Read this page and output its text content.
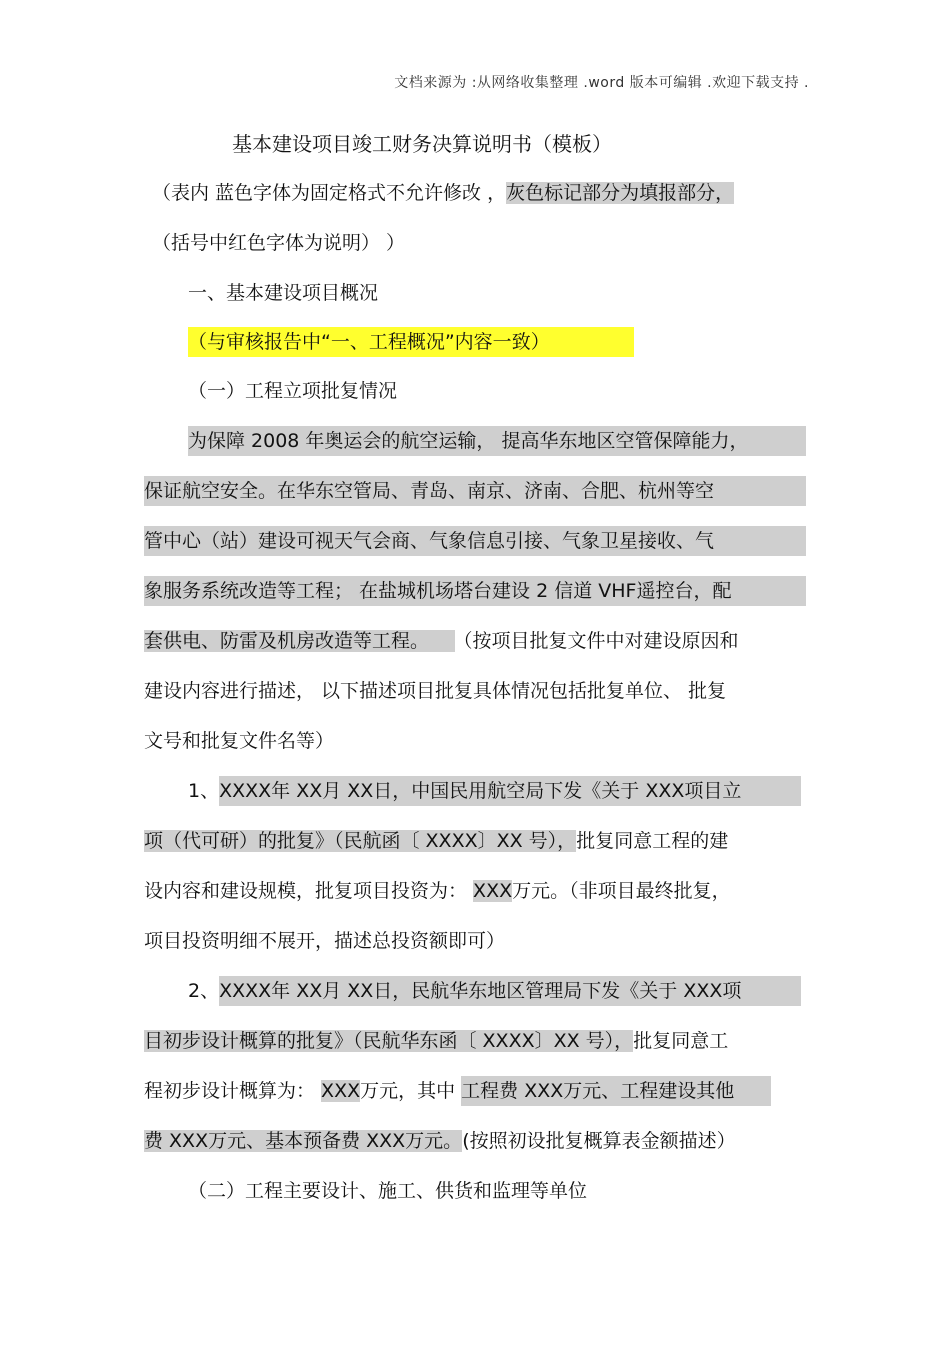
文档来源为 :从网络收集整理 .word 版本可编辑 .欢迎下载支持 .
基本建设项目竣工财务决算说明书（模板）
（表内 蓝色字体为固定格式不允许修改 ，灰色标记部分为填报部分，
（括号中红色字体为说明） ）
一、基本建设项目概况
（与审核报告中“一、工程概况”内容一致）
（一）工程立项批复情况
为保障 2008 年奥运会的航空运输， 提高华东地区空管保障能力，
保证航空安全。在华东空管局、青岛、南京、济南、合肥、杭州等空
管中心（站）建设可视天气会商、气象信息引接、气象卫星接收、气
象服务系统改造等工程； 在盐城机场塔台建设 2 信道 VHF遥控台，配
套供电、防雷及机房改造等工程。 （按项目批复文件中对建设原因和
建设内容进行描述， 以下描述项目批复具体情况包括批复单位、 批复
文号和批复文件名等）
1、XXXX年 XX月 XX日，中国民用航空局下发《关于 XXX项目立
项（代可研）的批复》（民航函〔 XXXX〕XX 号），批复同意工程的建
设内容和建设规模，批复项目投资为： XXX万元。（非项目最终批复，
项目投资明细不展开，描述总投资额即可）
2、XXXX年 XX月 XX日，民航华东地区管理局下发《关于 XXX项
目初步设计概算的批复》（民航华东函〔 XXXX〕XX 号），批复同意工
程初步设计概算为： XXX万元，其中 工程费 XXX万元、工程建设其他
费 XXX万元、基本预备费 XXX万元。(按照初设批复概算表金额描述）
（二）工程主要设计、施工、供货和监理等单位
